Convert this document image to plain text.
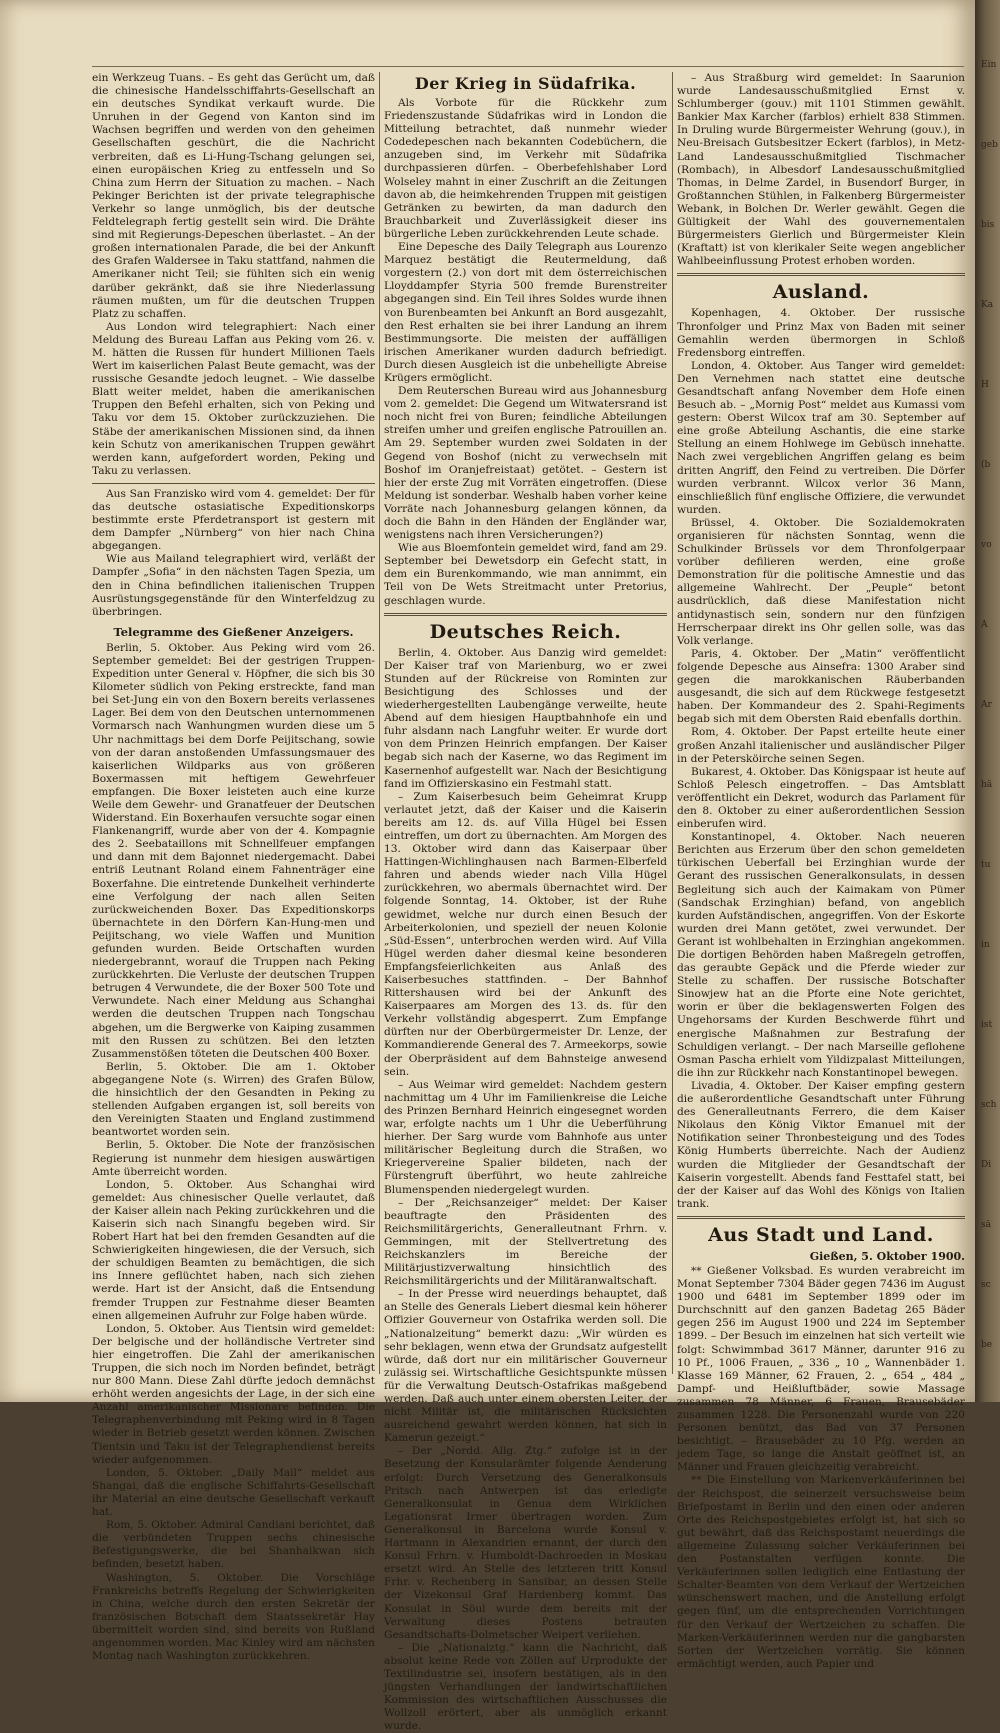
ein Werkzeug Tuans. – Es geht das Gerücht um, daß die chinesische Handelsschiffahrts-Gesellschaft an ein deutsches Syndikat verkauft wurde. Die Unruhen in der Gegend von Kanton sind im Wachsen begriffen und werden von den geheimen Gesellschaften geschürt, die die Nachricht verbreiten, daß es Li-Hung-Tschang gelungen sei, einen europäischen Krieg zu entfesseln und So China zum Herrn der Situation zu machen. – Nach Pekinger Berichten ist der private telegraphische Verkehr so lange unmöglich, bis der deutsche Feldtelegraph fertig gestellt sein wird. Die Drähte sind mit Regierungs-Depeschen überlastet. – An der großen internationalen Parade, die bei der Ankunft des Grafen Waldersee in Taku stattfand, nahmen die Amerikaner nicht Teil; sie fühlten sich ein wenig darüber gekränkt, daß sie ihre Niederlassung räumen mußten, um für die deutschen Truppen Platz zu schaffen.

Aus London wird telegraphiert: Nach einer Meldung des Bureau Laffan aus Peking vom 26. v. M. hätten die Russen für hundert Millionen Taels Wert im kaiserlichen Palast Beute gemacht, was der russische Gesandte jedoch leugnet. – Wie dasselbe Blatt weiter meldet, haben die amerikanischen Truppen den Befehl erhalten, sich von Peking und Taku vor dem 15. Oktober zurückzuziehen. Die Stäbe der amerikanischen Missionen sind, da ihnen kein Schutz von amerikanischen Truppen gewährt werden kann, aufgefordert worden, Peking und Taku zu verlassen.

Aus San Franzisko wird vom 4. gemeldet: Der für das deutsche ostasiatische Expeditionskorps bestimmte erste Pferdetransport ist gestern mit dem Dampfer „Nürnberg“ von hier nach China abgegangen.

Wie aus Mailand telegraphiert wird, verläßt der Dampfer „Sofia“ in den nächsten Tagen Spezia, um den in China befindlichen italienischen Truppen Ausrüstungsgegenstände für den Winterfeldzug zu überbringen.

Telegramme des Gießener Anzeigers.

Berlin, 5. Oktober. Aus Peking wird vom 26. September gemeldet: Bei der gestrigen Truppen-Expedition unter General v. Höpfner, die sich bis 30 Kilometer südlich von Peking erstreckte, fand man bei Set-Jung ein von den Boxern bereits verlassenes Lager. Bei dem von den Deutschen unternommenen Vormarsch nach Wanhungmen wurden diese um 5 Uhr nachmittags bei dem Dorfe Peijitschang, sowie von der daran anstoßenden Umfassungsmauer des kaiserlichen Wildparks aus von größeren Boxermassen mit heftigem Gewehrfeuer empfangen. Die Boxer leisteten auch eine kurze Weile dem Gewehr- und Granatfeuer der Deutschen Widerstand. Ein Boxerhaufen versuchte sogar einen Flankenangriff, wurde aber von der 4. Kompagnie des 2. Seebataillons mit Schnellfeuer empfangen und dann mit dem Bajonnet niedergemacht. Dabei entriß Leutnant Roland einem Fahnenträger eine Boxerfahne. Die eintretende Dunkelheit verhinderte eine Verfolgung der nach allen Seiten zurückweichenden Boxer. Das Expeditionskorps übernachtete in den Dörfern Kan-Hung-men und Peijitschang, wo viele Waffen und Munition gefunden wurden. Beide Ortschaften wurden niedergebrannt, worauf die Truppen nach Peking zurückkehrten. Die Verluste der deutschen Truppen betrugen 4 Verwundete, die der Boxer 500 Tote und Verwundete. Nach einer Meldung aus Schanghai werden die deutschen Truppen nach Tongschau abgehen, um die Bergwerke von Kaiping zusammen mit den Russen zu schützen. Bei den letzten Zusammenstößen töteten die Deutschen 400 Boxer.

Berlin, 5. Oktober. Die am 1. Oktober abgegangene Note (s. Wirren) des Grafen Bülow, die hinsichtlich der den Gesandten in Peking zu stellenden Aufgaben ergangen ist, soll bereits von den Vereinigten Staaten und England zustimmend beantwortet worden sein.

Berlin, 5. Oktober. Die Note der französischen Regierung ist nunmehr dem hiesigen auswärtigen Amte überreicht worden.

London, 5. Oktober. Aus Schanghai wird gemeldet: Aus chinesischer Quelle verlautet, daß der Kaiser allein nach Peking zurückkehren und die Kaiserin sich nach Sinangfu begeben wird. Sir Robert Hart hat bei den fremden Gesandten auf die Schwierigkeiten hingewiesen, die der Versuch, sich der schuldigen Beamten zu bemächtigen, die sich ins Innere geflüchtet haben, nach sich ziehen werde. Hart ist der Ansicht, daß die Entsendung fremder Truppen zur Festnahme dieser Beamten einen allgemeinen Aufruhr zur Folge haben würde.

London, 5. Oktober. Aus Tientsin wird gemeldet: Der belgische und der holländische Vertreter sind hier eingetroffen. Die Zahl der amerikanischen Truppen, die sich noch im Norden befindet, beträgt nur 800 Mann. Diese Zahl dürfte jedoch demnächst erhöht werden angesichts der Lage, in der sich eine Anzahl amerikanischer Missionare befinden. Die Telegraphenverbindung mit Peking wird in 8 Tagen wieder in Betrieb gesetzt werden können. Zwischen Tientsin und Taku ist der Telegraphendienst bereits wieder aufgenommen.

London, 5. Oktober. „Daily Mail“ meldet aus Shangai, daß die englische Schiffahrts-Gesellschaft ihr Material an eine deutsche Gesellschaft verkauft hat.

Rom, 5. Oktober. Admiral Candiani berichtet, daß die verbündeten Truppen sechs chinesische Befestigungswerke, die bei Shanhaikwan sich befinden, besetzt haben.

Washington, 5. Oktober. Die Vorschläge Frankreichs betreffs Regelung der Schwierigkeiten in China, welche durch den ersten Sekretär der französischen Botschaft dem Staatssekretär Hay übermittelt worden sind, sind bereits von Rußland angenommen worden. Mac Kinley wird am nächsten Montag nach Washington zurückkehren.

Der Krieg in Südafrika.

Als Vorbote für die Rückkehr zum Friedenszustande Südafrikas wird in London die Mitteilung betrachtet, daß nunmehr wieder Codedepeschen nach bekannten Codebüchern, die anzugeben sind, im Verkehr mit Südafrika durchpassieren dürfen. – Oberbefehlshaber Lord Wolseley mahnt in einer Zuschrift an die Zeitungen davon ab, die heimkehrenden Truppen mit geistigen Getränken zu bewirten, da man dadurch den Brauchbarkeit und Zuverlässigkeit dieser ins bürgerliche Leben zurückkehrenden Leute schade.

Eine Depesche des Daily Telegraph aus Lourenzo Marquez bestätigt die Reutermeldung, daß vorgestern (2.) von dort mit dem österreichischen Lloyddampfer Styria 500 fremde Burenstreiter abgegangen sind. Ein Teil ihres Soldes wurde ihnen von Burenbeamten bei Ankunft an Bord ausgezahlt, den Rest erhalten sie bei ihrer Landung an ihrem Bestimmungsorte. Die meisten der auffälligen irischen Amerikaner wurden dadurch befriedigt. Durch diesen Ausgleich ist die unbehelligte Abreise Krügers ermöglicht.

Dem Reuterschen Bureau wird aus Johannesburg vom 2. gemeldet: Die Gegend um Witwatersrand ist noch nicht frei von Buren; feindliche Abteilungen streifen umher und greifen englische Patrouillen an. Am 29. September wurden zwei Soldaten in der Gegend von Boshof (nicht zu verwechseln mit Boshof im Oranjefreistaat) getötet. – Gestern ist hier der erste Zug mit Vorräten eingetroffen. (Diese Meldung ist sonderbar. Weshalb haben vorher keine Vorräte nach Johannesburg gelangen können, da doch die Bahn in den Händen der Engländer war, wenigstens nach ihren Versicherungen?)

Wie aus Bloemfontein gemeldet wird, fand am 29. September bei Dewetsdorp ein Gefecht statt, in dem ein Burenkommando, wie man annimmt, ein Teil von De Wets Streitmacht unter Pretorius, geschlagen wurde.

Deutsches Reich.

Berlin, 4. Oktober. Aus Danzig wird gemeldet: Der Kaiser traf von Marienburg, wo er zwei Stunden auf der Rückreise von Rominten zur Besichtigung des Schlosses und der wiederhergestellten Laubengänge verweilte, heute Abend auf dem hiesigen Hauptbahnhofe ein und fuhr alsdann nach Langfuhr weiter. Er wurde dort von dem Prinzen Heinrich empfangen. Der Kaiser begab sich nach der Kaserne, wo das Regiment im Kasernenhof aufgestellt war. Nach der Besichtigung fand im Offizierskasino ein Festmahl statt.

– Zum Kaiserbesuch beim Geheimrat Krupp verlautet jetzt, daß der Kaiser und die Kaiserin bereits am 12. ds. auf Villa Hügel bei Essen eintreffen, um dort zu übernachten. Am Morgen des 13. Oktober wird dann das Kaiserpaar über Hattingen-Wichlinghausen nach Barmen-Elberfeld fahren und abends wieder nach Villa Hügel zurückkehren, wo abermals übernachtet wird. Der folgende Sonntag, 14. Oktober, ist der Ruhe gewidmet, welche nur durch einen Besuch der Arbeiterkolonien, und speziell der neuen Kolonie „Süd-Essen“, unterbrochen werden wird. Auf Villa Hügel werden daher diesmal keine besonderen Empfangsfeierlichkeiten aus Anlaß des Kaiserbesuches stattfinden. – Der Bahnhof Rittershausen wird bei der Ankunft des Kaiserpaares am Morgen des 13. ds. für den Verkehr vollständig abgesperrt. Zum Empfange dürften nur der Oberbürgermeister Dr. Lenze, der Kommandierende General des 7. Armeekorps, sowie der Oberpräsident auf dem Bahnsteige anwesend sein.

– Aus Weimar wird gemeldet: Nachdem gestern nachmittag um 4 Uhr im Familienkreise die Leiche des Prinzen Bernhard Heinrich eingesegnet worden war, erfolgte nachts um 1 Uhr die Ueberführung hierher. Der Sarg wurde vom Bahnhofe aus unter militärischer Begleitung durch die Straßen, wo Kriegervereine Spalier bildeten, nach der Fürstengruft überführt, wo heute zahlreiche Blumenspenden niedergelegt wurden.

– Der „Reichsanzeiger“ meldet: Der Kaiser beauftragte den Präsidenten des Reichsmilitärgerichts, Generalleutnant Frhrn. v. Gemmingen, mit der Stellvertretung des Reichskanzlers im Bereiche der Militärjustizverwaltung hinsichtlich des Reichsmilitärgerichts und der Militäranwaltschaft.

– In der Presse wird neuerdings behauptet, daß an Stelle des Generals Liebert diesmal kein höherer Offizier Gouverneur von Ostafrika werden soll. Die „Nationalzeitung“ bemerkt dazu: „Wir würden es sehr beklagen, wenn etwa der Grundsatz aufgestellt würde, daß dort nur ein militärischer Gouverneur zulässig sei. Wirtschaftliche Gesichtspunkte müssen für die Verwaltung Deutsch-Ostafrikas maßgebend werden. Daß auch unter einem obersten Leiter, der nicht Militär ist, die militärischen Rücksichten ausreichend gewahrt werden können, hat sich in Kamerun gezeigt.“

– Der „Nordd. Allg. Ztg.“ zufolge ist in der Besetzung der Konsularämter folgende Aenderung erfolgt: Durch Versetzung des Generalkonsuls Pritsch nach Antwerpen ist das erledigte Generalkonsulat in Genua dem Wirklichen Legationsrat Irmer übertragen worden. Zum Generalkonsul in Barcelona wurde Konsul v. Hartmann in Alexandrien ernannt, der durch den Konsul Frhrn. v. Humboldt-Dachroeden in Moskau ersetzt wird. An Stelle des letzteren tritt Konsul Frhr. v. Rechenberg in Sansibar, an dessen Stelle der Vizekonsul Graf Hardenberg kommt. Das Konsulat in Söul wurde dem bereits mit der Verwaltung dieses Postens betrauten Gesandtschafts-Dolmetscher Weipert verliehen.

– Die „Nationalztg.“ kann die Nachricht, daß absolut keine Rede von Zöllen auf Urprodukte der Textilindustrie sei, insofern bestätigen, als in den jüngsten Verhandlungen der landwirtschaftlichen Kommission des wirtschaftlichen Ausschusses die Wollzoll erörtert, aber als unmöglich erkannt wurde.

– Aus Straßburg wird gemeldet: In Saarunion wurde Landesausschußmitglied Ernst v. Schlumberger (gouv.) mit 1101 Stimmen gewählt. Bankier Max Karcher (farblos) erhielt 838 Stimmen. In Druling wurde Bürgermeister Wehrung (gouv.), in Neu-Breisach Gutsbesitzer Eckert (farblos), in Metz-Land Landesausschußmitglied Tischmacher (Rombach), in Albesdorf Landesausschußmitglied Thomas, in Delme Zardel, in Busendorf Burger, in Großtannchen Stühlen, in Falkenberg Bürgermeister Webank, in Bolchen Dr. Werler gewählt. Gegen die Gültigkeit der Wahl des gouvernementalen Bürgermeisters Gierlich und Bürgermeister Klein (Kraftatt) ist von klerikaler Seite wegen angeblicher Wahlbeeinflussung Protest erhoben worden.

Ausland.

Kopenhagen, 4. Oktober. Der russische Thronfolger und Prinz Max von Baden mit seiner Gemahlin werden übermorgen in Schloß Fredensborg eintreffen.

London, 4. Oktober. Aus Tanger wird gemeldet: Den Vernehmen nach stattet eine deutsche Gesandtschaft anfang November dem Hofe einen Besuch ab. – „Mornig Post“ meldet aus Kumassi vom gestern: Oberst Wilcox traf am 30. September auf eine große Abteilung Aschantis, die eine starke Stellung an einem Hohlwege im Gebüsch innehatte. Nach zwei vergeblichen Angriffen gelang es beim dritten Angriff, den Feind zu vertreiben. Die Dörfer wurden verbrannt. Wilcox verlor 36 Mann, einschließlich fünf englische Offiziere, die verwundet wurden.

Brüssel, 4. Oktober. Die Sozialdemokraten organisieren für nächsten Sonntag, wenn die Schulkinder Brüssels vor dem Thronfolgerpaar vorüber defilieren werden, eine große Demonstration für die politische Amnestie und das allgemeine Wahlrecht. Der „Peuple“ betont ausdrücklich, daß diese Manifestation nicht antidynastisch sein, sondern nur den fünfzigen Herrscherpaar direkt ins Ohr gellen solle, was das Volk verlange.

Paris, 4. Oktober. Der „Matin“ veröffentlicht folgende Depesche aus Ainsefra: 1300 Araber sind gegen die marokkanischen Räuberbanden ausgesandt, die sich auf dem Rückwege festgesetzt haben. Der Kommandeur des 2. Spahi-Regiments begab sich mit dem Obersten Raid ebenfalls dorthin.

Rom, 4. Oktober. Der Papst erteilte heute einer großen Anzahl italienischer und ausländischer Pilger in der Petersköirche seinen Segen.

Bukarest, 4. Oktober. Das Königspaar ist heute auf Schloß Pelesch eingetroffen. – Das Amtsblatt veröffentlicht ein Dekret, wodurch das Parlament für den 8. Oktober zu einer außerordentlichen Session einberufen wird.

Konstantinopel, 4. Oktober. Nach neueren Berichten aus Erzerum über den schon gemeldeten türkischen Ueberfall bei Erzinghian wurde der Gerant des russischen Generalkonsulats, in dessen Begleitung sich auch der Kaimakam von Pümer (Sandschak Erzinghian) befand, von angeblich kurden Aufständischen, angegriffen. Von der Eskorte wurden drei Mann getötet, zwei verwundet. Der Gerant ist wohlbehalten in Erzinghian angekommen. Die dortigen Behörden haben Maßregeln getroffen, das geraubte Gepäck und die Pferde wieder zur Stelle zu schaffen. Der russische Botschafter Sinowjew hat an die Pforte eine Note gerichtet, worin er über die beklagenswerten Folgen des Ungehorsams der Kurden Beschwerde führt und energische Maßnahmen zur Bestrafung der Schuldigen verlangt. – Der nach Marseille geflohene Osman Pascha erhielt vom Yildizpalast Mitteilungen, die ihn zur Rückkehr nach Konstantinopel bewegen.

Livadia, 4. Oktober. Der Kaiser empfing gestern die außerordentliche Gesandtschaft unter Führung des Generalleutnants Ferrero, die dem Kaiser Nikolaus den König Viktor Emanuel mit der Notifikation seiner Thronbesteigung und des Todes König Humberts überreichte. Nach der Audienz wurden die Mitglieder der Gesandtschaft der Kaiserin vorgestellt. Abends fand Festtafel statt, bei der der Kaiser auf das Wohl des Königs von Italien trank.

Aus Stadt und Land.
Gießen, 5. Oktober 1900.

** Gießener Volksbad. Es wurden verabreicht im Monat September 7304 Bäder gegen 7436 im August 1900 und 6481 im September 1899 oder im Durchschnitt auf den ganzen Badetag 265 Bäder gegen 256 im August 1900 und 224 im September 1899. – Der Besuch im einzelnen hat sich verteilt wie folgt: Schwimmbad 3617 Männer, darunter 916 zu 10 Pf., 1006 Frauen, „ 336 „ 10 „ Wannenbäder 1. Klasse 169 Männer, 62 Frauen, 2. „ 654 „ 484 „ Dampf- und Heißluftbäder, sowie Massage zusammen 78 Männer, 6 Frauen, Brausebäder zusammen 1228. Die Personenzahl wurde von 220 Personen benützt, das Bad von 37 Personen besichtigt. – Brausebäder zu 10 Pfg. werden an jedem Tage, so lange die Anstalt geöffnet ist, an Männer und Frauen gleichzeitig verabreicht.

** Die Einstellung von Markenverkäuferinnen bei der Reichspost, die seinerzeit versuchsweise beim Briefpostamt in Berlin und den einen oder anderen Orte des Reichspostgebietes erfolgt ist, hat sich so gut bewährt, daß das Reichspostamt neuerdings die allgemeine Zulassung solcher Verkäuferinnen bei den Postanstalten verfügen konnte. Die Verkäuferinnen sollen lediglich eine Entlastung der Schalter-Beamten von dem Verkauf der Wertzeichen wünschenswert machen, und die Anstellung erfolgt gegen fünf, um die entsprechenden Vorrichtungen für den Verkauf der Wertzeichen zu schaffen. Die Marken-Verkäuferinnen werden nur die gangbarsten Sorten der Wertzeichen vorrätig. Sie können ermächtigt werden, auch Papier und

Ein
geb
bis
Ka
H
(b
vo
A
Ar
hä
tu
in
ist
sch
Di
sä
sc
be
